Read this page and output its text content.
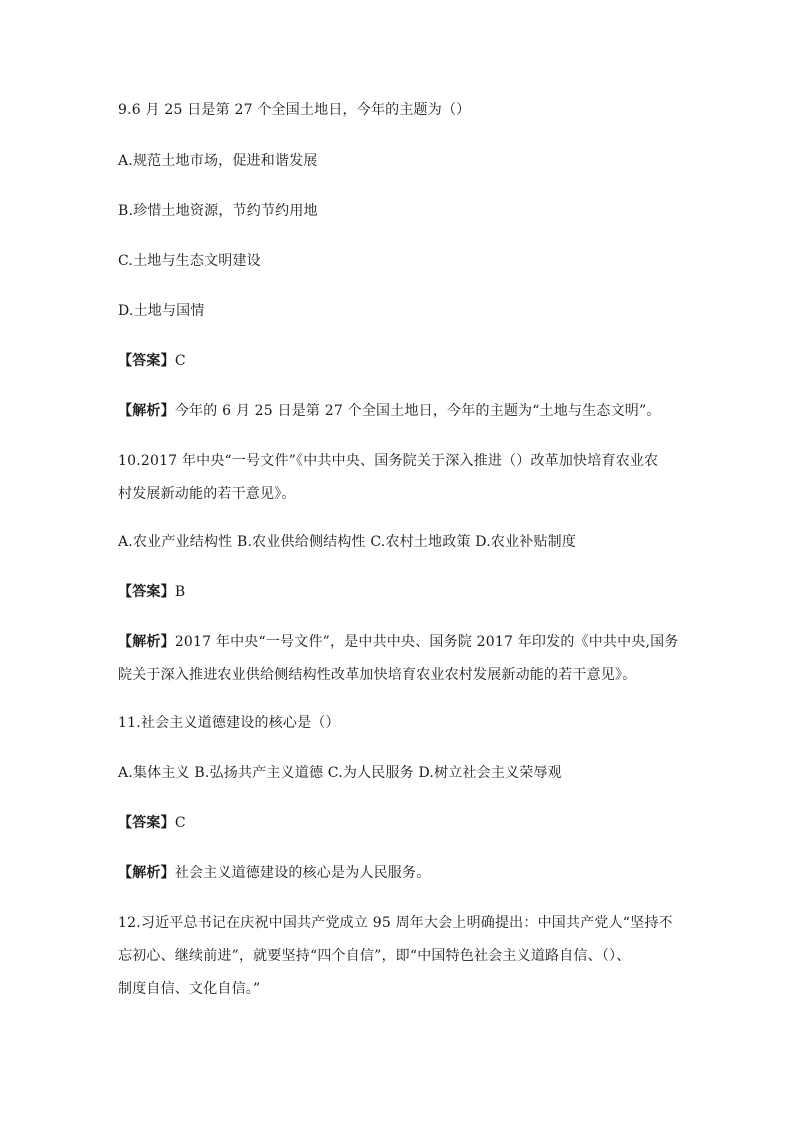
9.6 月 25 日是第 27 个全国土地日，今年的主题为（）
A.规范土地市场，促进和谐发展
B.珍惜土地资源，节约节约用地
C.土地与生态文明建设
D.土地与国情
【答案】C
【解析】今年的 6 月 25 日是第 27 个全国土地日，今年的主题为“土地与生态文明”。
10.2017 年中央“一号文件”《中共中央、国务院关于深入推进（）改革加快培育农业农
村发展新动能的若干意见》。
A.农业产业结构性 B.农业供给侧结构性 C.农村土地政策 D.农业补贴制度
【答案】B
【解析】2017 年中央“一号文件”，是中共中央、国务院 2017 年印发的《中共中央,国务
院关于深入推进农业供给侧结构性改革加快培育农业农村发展新动能的若干意见》。
11.社会主义道德建设的核心是（）
A.集体主义 B.弘扬共产主义道德 C.为人民服务 D.树立社会主义荣辱观
【答案】C
【解析】社会主义道德建设的核心是为人民服务。
12.习近平总书记在庆祝中国共产党成立 95 周年大会上明确提出：中国共产党人“坚持不
忘初心、继续前进”，就要坚持“四个自信”，即“中国特色社会主义道路自信、（）、
制度自信、文化自信。”
